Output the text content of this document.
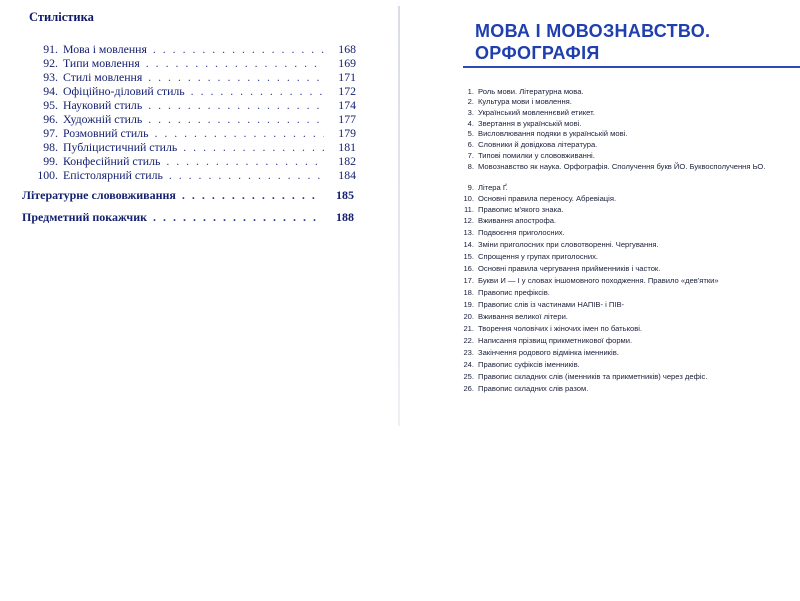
Стилістика
91. Мова і мовлення . . .	168
92. Типи мовлення . . .	169
93. Стилі мовлення . . .	171
94. Офіційно-діловий стиль . . .	172
95. Науковий стиль . . .	174
96. Художній стиль . . .	177
97. Розмовний стиль . . .	179
98. Публіцистичний стиль . . .	181
99. Конфесійний стиль . . .	182
100. Епістолярний стиль . . .	184
Літературне слововживання . . .	185
Предметний покажчик . . .	188
МОВА І МОВОЗНАВСТВО.
ОРФОГРАФІЯ
1. Роль мови. Літературна мова.
2. Культура мови і мовлення.
3. Український мовленнєвий етикет.
4. Звертання в українській мові.
5. Висловлювання подяки в українській мові.
6. Словники й довідкова література.
7. Типові помилки у слововживанні.
8. Мовознавство як наука. Орфографія. Сполучення букв ЙО. Буквосполучення ЬО.
9. Літера Ґ.
10. Основні правила переносу. Абревіація.
11. Правопис м'якого знака.
12. Вживання апострофа.
13. Подвоєння приголосних.
14. Зміни приголосних при словотворенні. Чергування.
15. Спрощення у групах приголосних.
16. Основні правила чергування прийменників і часток.
17. Букви И — І у словах іншомовного походження. Правило «дев'ятки»
18. Правопис префіксів.
19. Правопис слів із частинами НАПІВ- і ПІВ-
20. Вживання великої літери.
21. Творення чоловічих і жіночих імен по батькові.
22. Написання прізвищ прикметникової форми.
23. Закінчення родового відмінка іменників.
24. Правопис суфіксів іменників.
25. Правопис складних слів (іменників та прикметників) через дефіс.
26. Правопис складних слів разом.
